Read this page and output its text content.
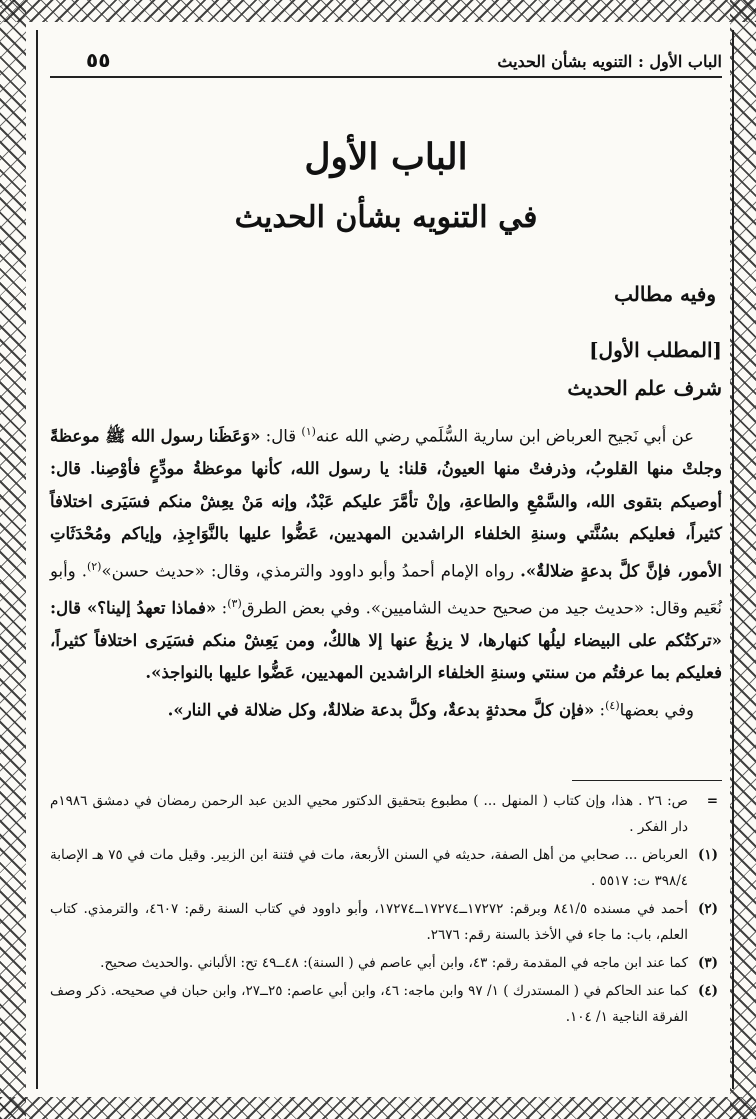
الباب الأول : التنويه بشأن الحديث
٥٥
الباب الأول
في التنويه بشأن الحديث
وفيه مطالب
[المطلب الأول]
شرف علم الحديث

عن أبي نَجيح العرباض ابن سارية السُّلَمي رضي الله عنه$^{(١)}$ قال: «وَعَظَنا رسول الله ﷺ موعظةً وجلتْ منها القلوبُ، وذرفتْ منها العيونُ، قلنا: يا رسول الله، كأنها موعظةُ مودِّعٍ فأوْصِنا. قال: أوصيكم بتقوى الله، والسَّمْعِ والطاعةِ، وإنْ تأمَّرَ عليكم عَبْدٌ، وإنه مَنْ يعِشْ منكم فسَيَرى اختلافاً كثيراً، فعليكم بسُنَّتي وسنةِ الخلفاء الراشدين المهديين، عَضُّوا عليها بالنَّوَاجِذِ، وإياكم ومُحْدَثَاتِ الأمور، فإنَّ كلَّ بدعةٍ ضلالةٌ». رواه الإمام أحمدُ وأبو داوود والترمذي، وقال: «حديث حسن»$^{(٢)}$. وأبو نُعَيم وقال: «حديث جيد من صحيح حديث الشاميين». وفي بعض الطرق$^{(٣)}$: «فماذا تعهدُ إلينا؟» قال: «تركتُكم على البيضاء ليلُها كنهارها، لا يزيغُ عنها إلا هالكٌ، ومن يَعِشْ منكم فسَيَرى اختلافاً كثيراً، فعليكم بما عرفتُم من سنتي وسنةِ الخلفاء الراشدين المهديين، عَضُّوا عليها بالنواجذ».

وفي بعضها$^{(٤)}$: «فإن كلَّ محدثةٍ بدعةٌ، وكلَّ بدعة ضلالةٌ، وكل ضلالة في النار».

=
ص: ٢٦ . هذا، وإن كتاب ( المنهل ... ) مطبوع بتحقيق الدكتور محيي الدين عبد الرحمن رمضان في دمشق ١٩٨٦م دار الفكر .
(١)
العرباض ... صحابي من أهل الصفة، حديثه في السنن الأربعة، مات في فتنة ابن الزبير. وقيل مات في ٧٥ هـ الإصابة ٣٩٨/٤ ت: ٥٥١٧ .
(٢)
أحمد في مسنده ٨٤١/٥ وبرقم: ١٧٢٧٢ــ١٧٢٧٤ــ١٧٢٧٤، وأبو داوود في كتاب السنة رقم: ٤٦٠٧، والترمذي. كتاب العلم، باب: ما جاء في الأخذ بالسنة رقم: ٢٦٧٦.
(٣)
كما عند ابن ماجه في المقدمة رقم: ٤٣، وابن أبي عاصم في ( السنة): ٤٨ــ٤٩ تح: الألباني .والحديث صحيح.
(٤)
كما عند الحاكم في ( المستدرك ) ١/ ٩٧ وابن ماجه: ٤٦، وابن أبي عاصم: ٢٥ــ٢٧، وابن حبان في صحيحه. ذكر وصف الفرقة الناجية ١/ ١٠٤.
